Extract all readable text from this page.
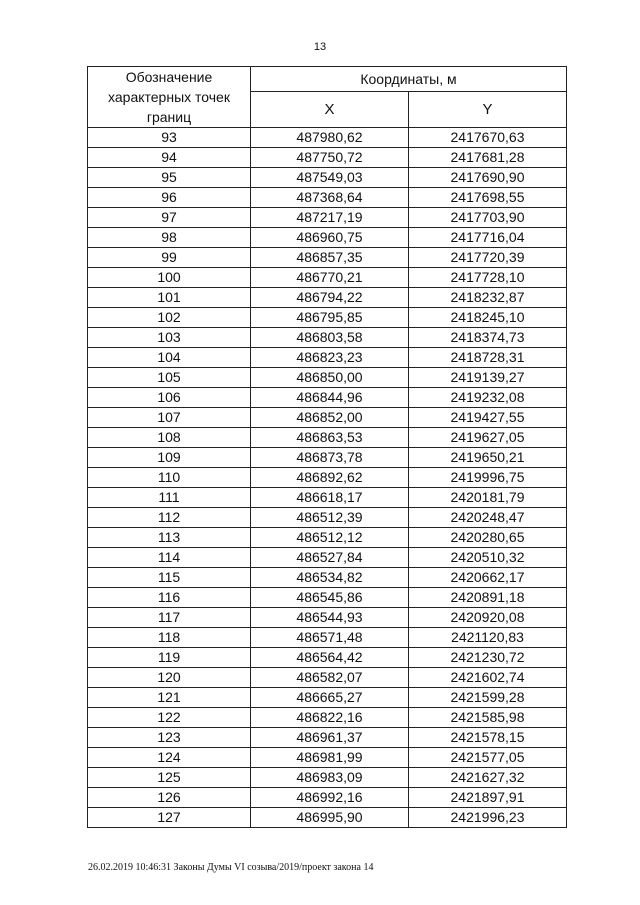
13
Обозначение характерных точек границ	Координаты, м	
	X	Y
93	487980,62	2417670,63
94	487750,72	2417681,28
95	487549,03	2417690,90
96	487368,64	2417698,55
97	487217,19	2417703,90
98	486960,75	2417716,04
99	486857,35	2417720,39
100	486770,21	2417728,10
101	486794,22	2418232,87
102	486795,85	2418245,10
103	486803,58	2418374,73
104	486823,23	2418728,31
105	486850,00	2419139,27
106	486844,96	2419232,08
107	486852,00	2419427,55
108	486863,53	2419627,05
109	486873,78	2419650,21
110	486892,62	2419996,75
111	486618,17	2420181,79
112	486512,39	2420248,47
113	486512,12	2420280,65
114	486527,84	2420510,32
115	486534,82	2420662,17
116	486545,86	2420891,18
117	486544,93	2420920,08
118	486571,48	2421120,83
119	486564,42	2421230,72
120	486582,07	2421602,74
121	486665,27	2421599,28
122	486822,16	2421585,98
123	486961,37	2421578,15
124	486981,99	2421577,05
125	486983,09	2421627,32
126	486992,16	2421897,91
127	486995,90	2421996,23
26.02.2019 10:46:31 Законы Думы VI созыва/2019/проект закона 14
